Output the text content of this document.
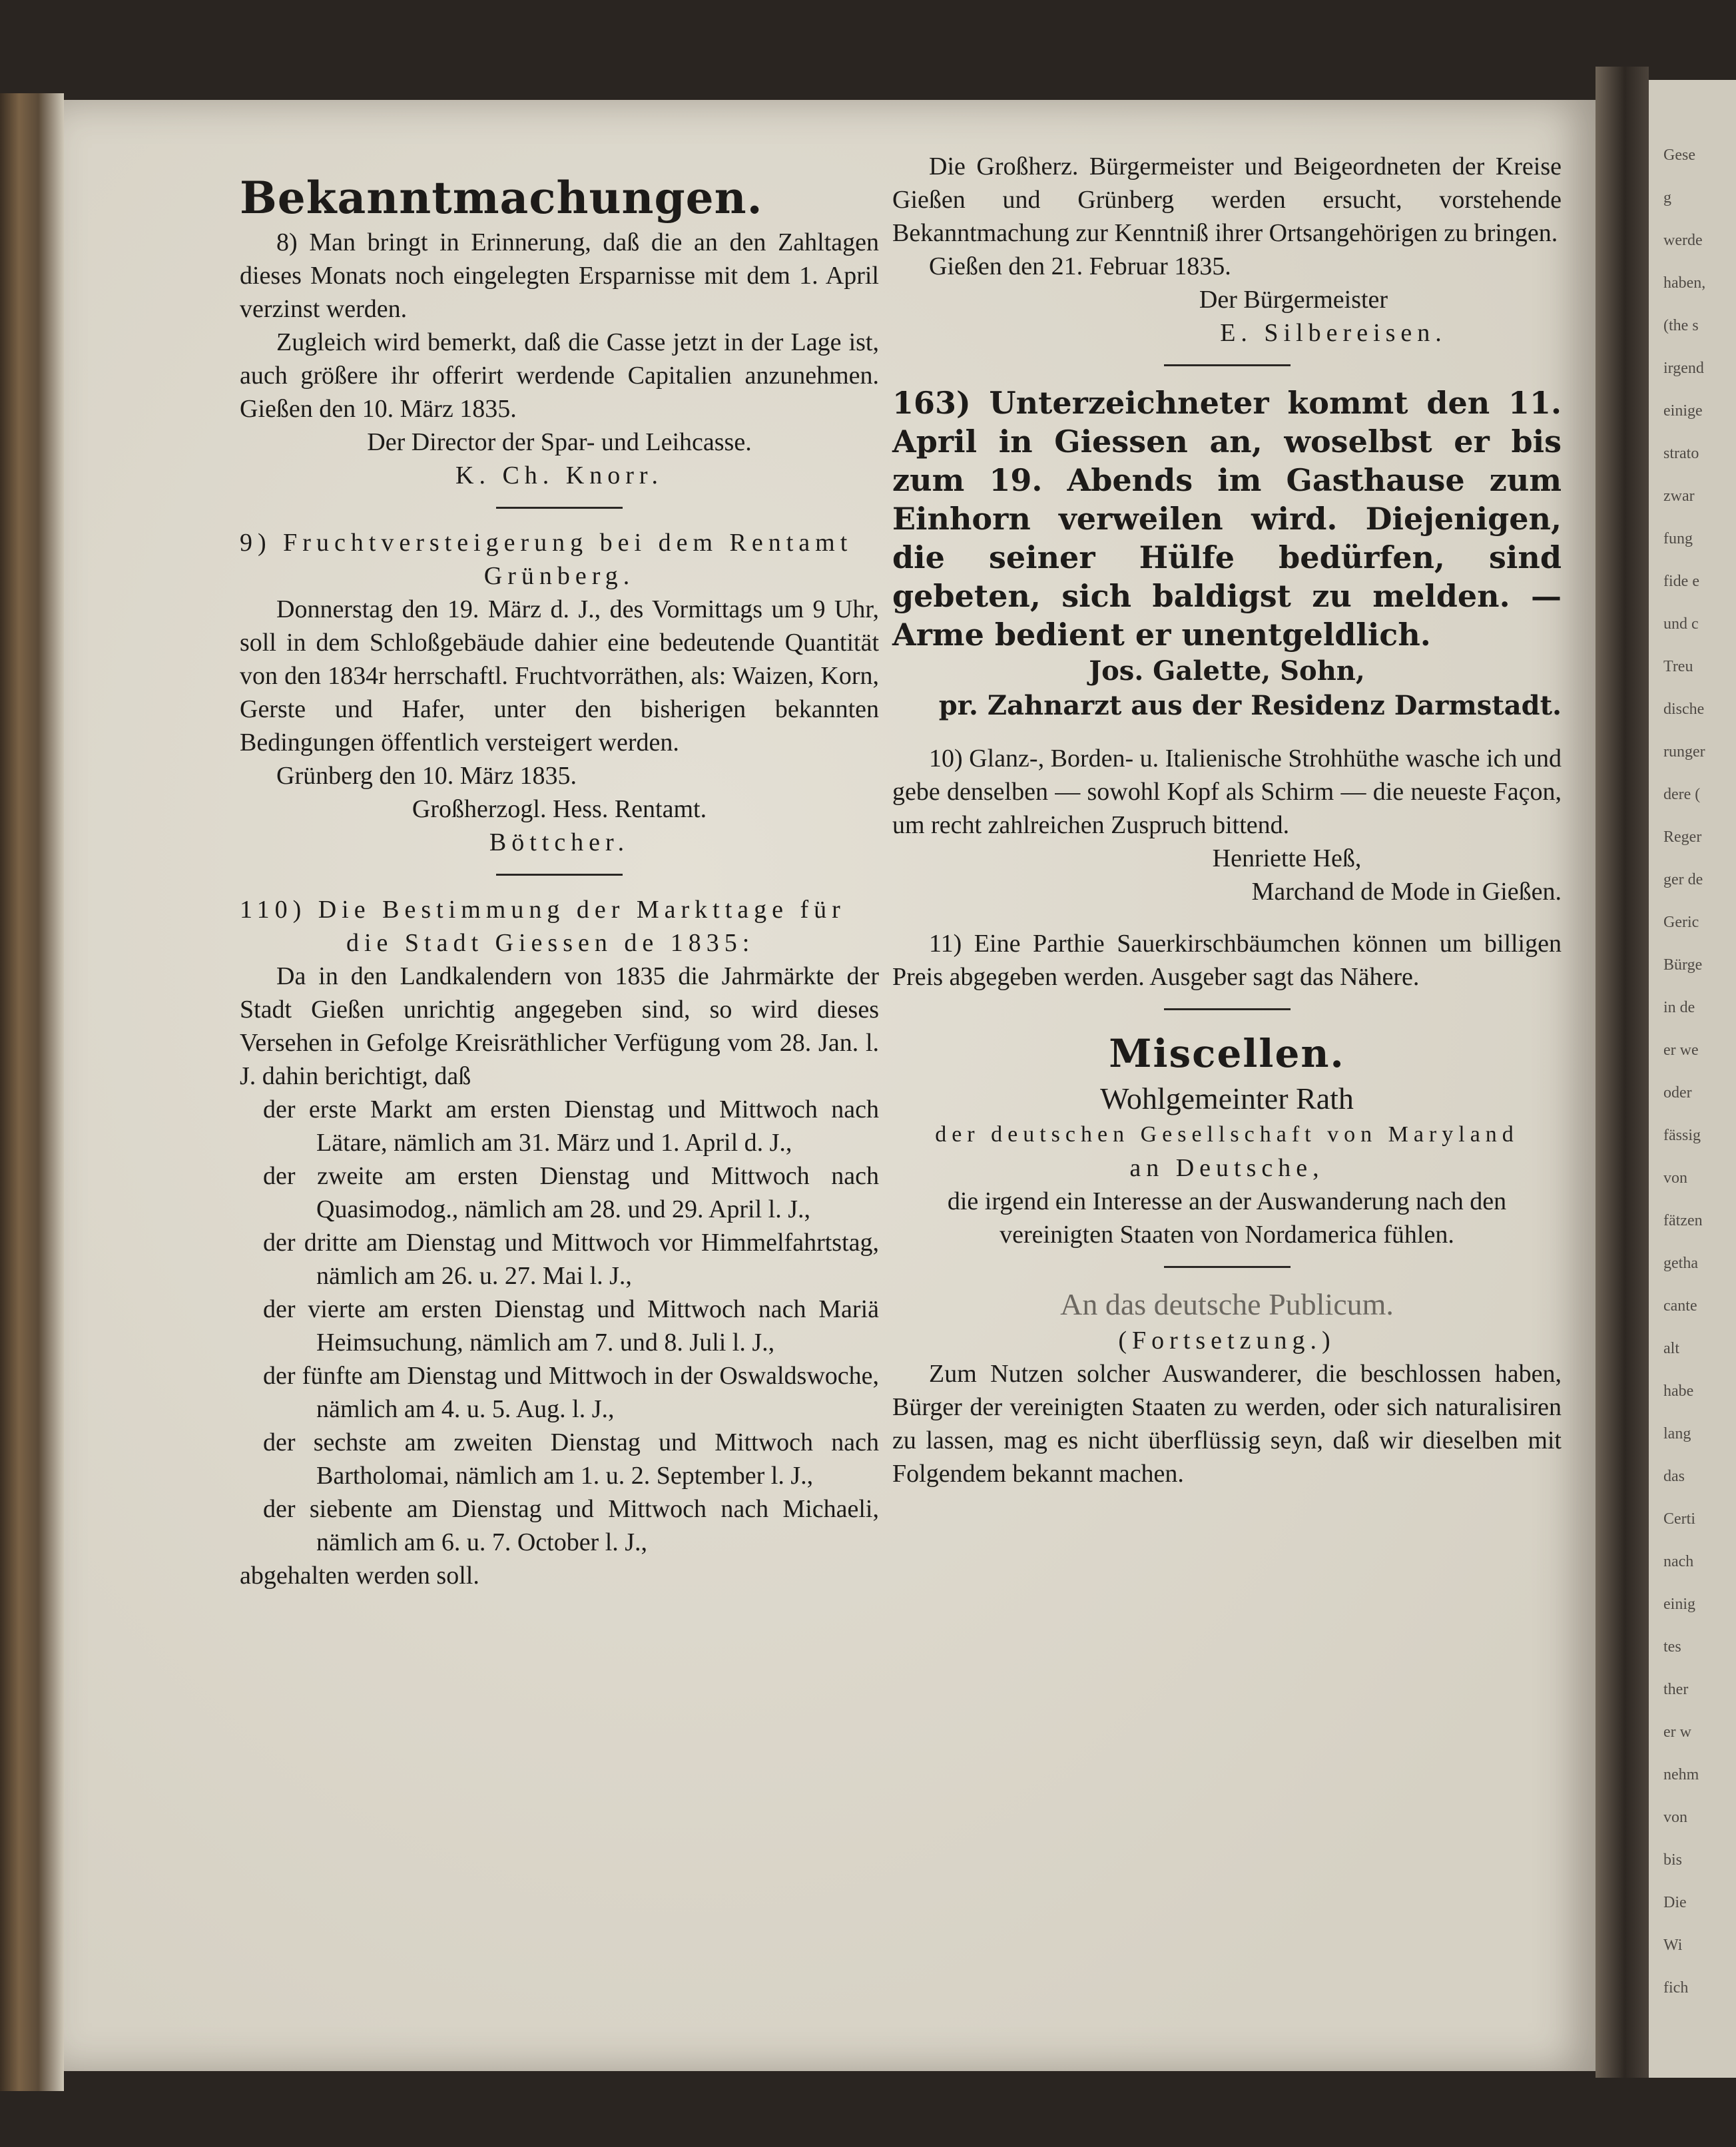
Gese
g
werde
haben,
(the s
irgend
einige
strato
zwar
fung
fide e
und c
Treu
dische
runger
dere (
Reger
ger de
Geric
Bürge
in de
er we
oder
fässig
von
fätzen
getha
cante
alt
habe
lang
das
Certi
nach
einig
tes
ther
er w
nehm
von
bis
Die
Wi
fich

Bekanntmachungen.

8) Man bringt in Erinnerung, daß die an den Zahltagen dieses Monats noch eingelegten Ersparnisse mit dem 1. April verzinst werden.

Zugleich wird bemerkt, daß die Casse jetzt in der Lage ist, auch größere ihr offerirt werdende Capitalien anzunehmen. Gießen den 10. März 1835.

Der Director der Spar- und Leihcasse.

K. Ch. Knorr.

9) Fruchtversteigerung bei dem Rentamt

Grünberg.

Donnerstag den 19. März d. J., des Vormittags um 9 Uhr, soll in dem Schloßgebäude dahier eine bedeutende Quantität von den 1834r herrschaftl. Fruchtvorräthen, als: Waizen, Korn, Gerste und Hafer, unter den bisherigen bekannten Bedingungen öffentlich versteigert werden.

Grünberg den 10. März 1835.

Großherzogl. Hess. Rentamt.

Böttcher.

110) Die Bestimmung der Markttage für

die Stadt Giessen de 1835:

Da in den Landkalendern von 1835 die Jahrmärkte der Stadt Gießen unrichtig angegeben sind, so wird dieses Versehen in Gefolge Kreisräthlicher Verfügung vom 28. Jan. l. J. dahin berichtigt, daß

der erste Markt am ersten Dienstag und Mittwoch nach Lätare, nämlich am 31. März und 1. April d. J.,

der zweite am ersten Dienstag und Mittwoch nach Quasimodog., nämlich am 28. und 29. April l. J.,

der dritte am Dienstag und Mittwoch vor Himmelfahrtstag, nämlich am 26. u. 27. Mai l. J.,

der vierte am ersten Dienstag und Mittwoch nach Mariä Heimsuchung, nämlich am 7. und 8. Juli l. J.,

der fünfte am Dienstag und Mittwoch in der Oswaldswoche, nämlich am 4. u. 5. Aug. l. J.,

der sechste am zweiten Dienstag und Mittwoch nach Bartholomai, nämlich am 1. u. 2. September l. J.,

der siebente am Dienstag und Mittwoch nach Michaeli, nämlich am 6. u. 7. October l. J.,

abgehalten werden soll.

Die Großherz. Bürgermeister und Beigeordneten der Kreise Gießen und Grünberg werden ersucht, vorstehende Bekanntmachung zur Kenntniß ihrer Ortsangehörigen zu bringen.

Gießen den 21. Februar 1835.

Der Bürgermeister

E. Silbereisen.

163) Unterzeichneter kommt den 11. April in Giessen an, woselbst er bis zum 19. Abends im Gasthause zum Einhorn verweilen wird. Diejenigen, die seiner Hülfe bedürfen, sind gebeten, sich baldigst zu melden. — Arme bedient er unentgeldlich.

Jos. Galette, Sohn,

pr. Zahnarzt aus der Residenz Darmstadt.

10) Glanz-, Borden- u. Italienische Strohhüthe wasche ich und gebe denselben — sowohl Kopf als Schirm — die neueste Façon, um recht zahlreichen Zuspruch bittend.

Henriette Heß,

Marchand de Mode in Gießen.

11) Eine Parthie Sauerkirschbäumchen können um billigen Preis abgegeben werden. Ausgeber sagt das Nähere.

Miscellen.

Wohlgemeinter Rath

der deutschen Gesellschaft von Maryland

an Deutsche,

die irgend ein Interesse an der Auswanderung nach den vereinigten Staaten von Nordamerica fühlen.

An das deutsche Publicum.

(Fortsetzung.)

Zum Nutzen solcher Auswanderer, die beschlossen haben, Bürger der vereinigten Staaten zu werden, oder sich naturalisiren zu lassen, mag es nicht überflüssig seyn, daß wir dieselben mit Folgendem bekannt machen.
